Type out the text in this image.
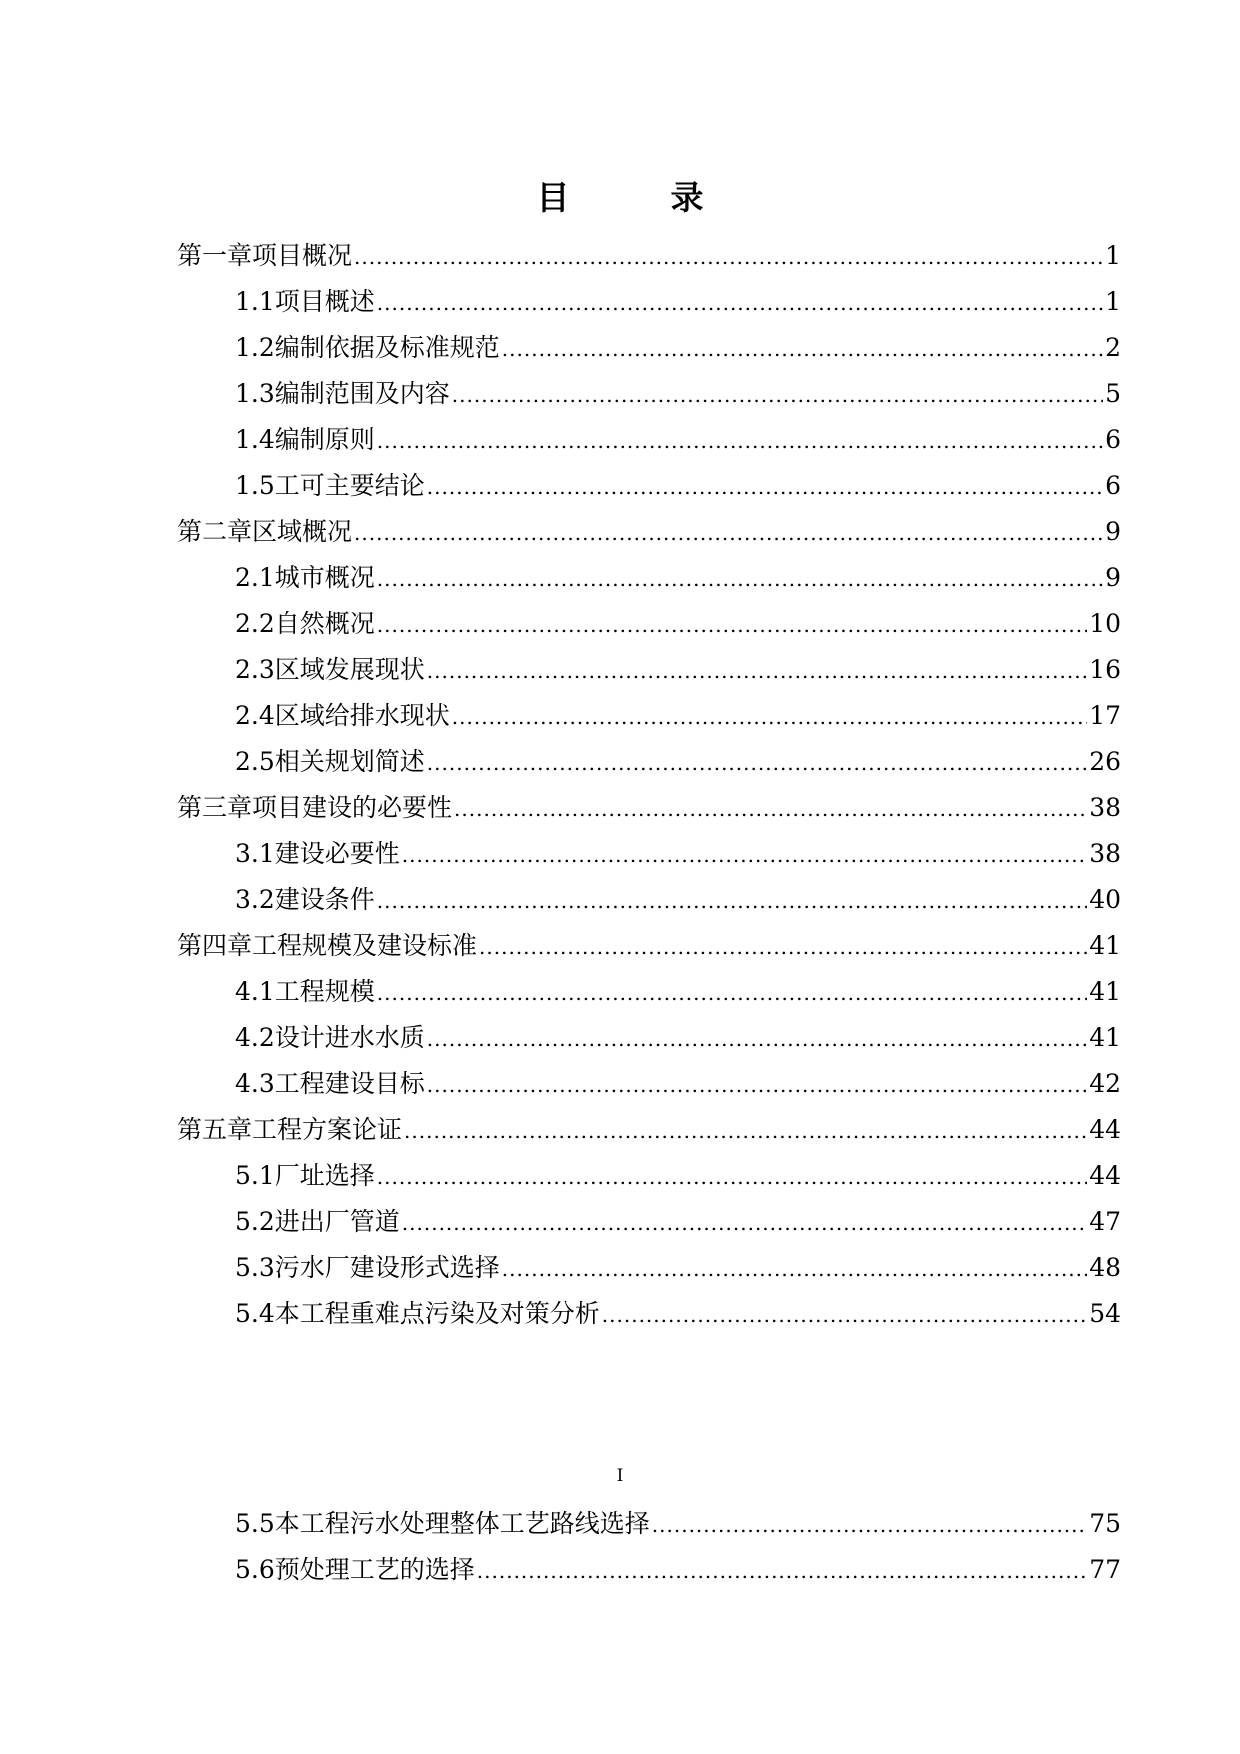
目　录
第一章 项目概况 .....	1
1.1 项目概述 .....	1
1.2 编制依据及标准规范 .....	2
1.3 编制范围及内容 .....	5
1.4 编制原则 .....	6
1.5 工可主要结论 .....	6
第二章 区域概况 .....	9
2.1 城市概况 .....	9
2.2 自然概况 .....	10
2.3 区域发展现状 .....	16
2.4 区域给排水现状 .....	17
2.5 相关规划简述 .....	26
第三章 项目建设的必要性 .....	38
3.1 建设必要性 .....	38
3.2 建设条件 .....	40
第四章 工程规模及建设标准 .....	41
4.1 工程规模 .....	41
4.2 设计进水水质 .....	41
4.3 工程建设目标 .....	42
第五章 工程方案论证 .....	44
5.1 厂址选择 .....	44
5.2 进出厂管道 .....	47
5.3 污水厂建设形式选择 .....	48
5.4 本工程重难点污染及对策分析 .....	54
5.5 本工程污水处理整体工艺路线选择 .....	75
5.6 预处理工艺的选择 .....	77
I
